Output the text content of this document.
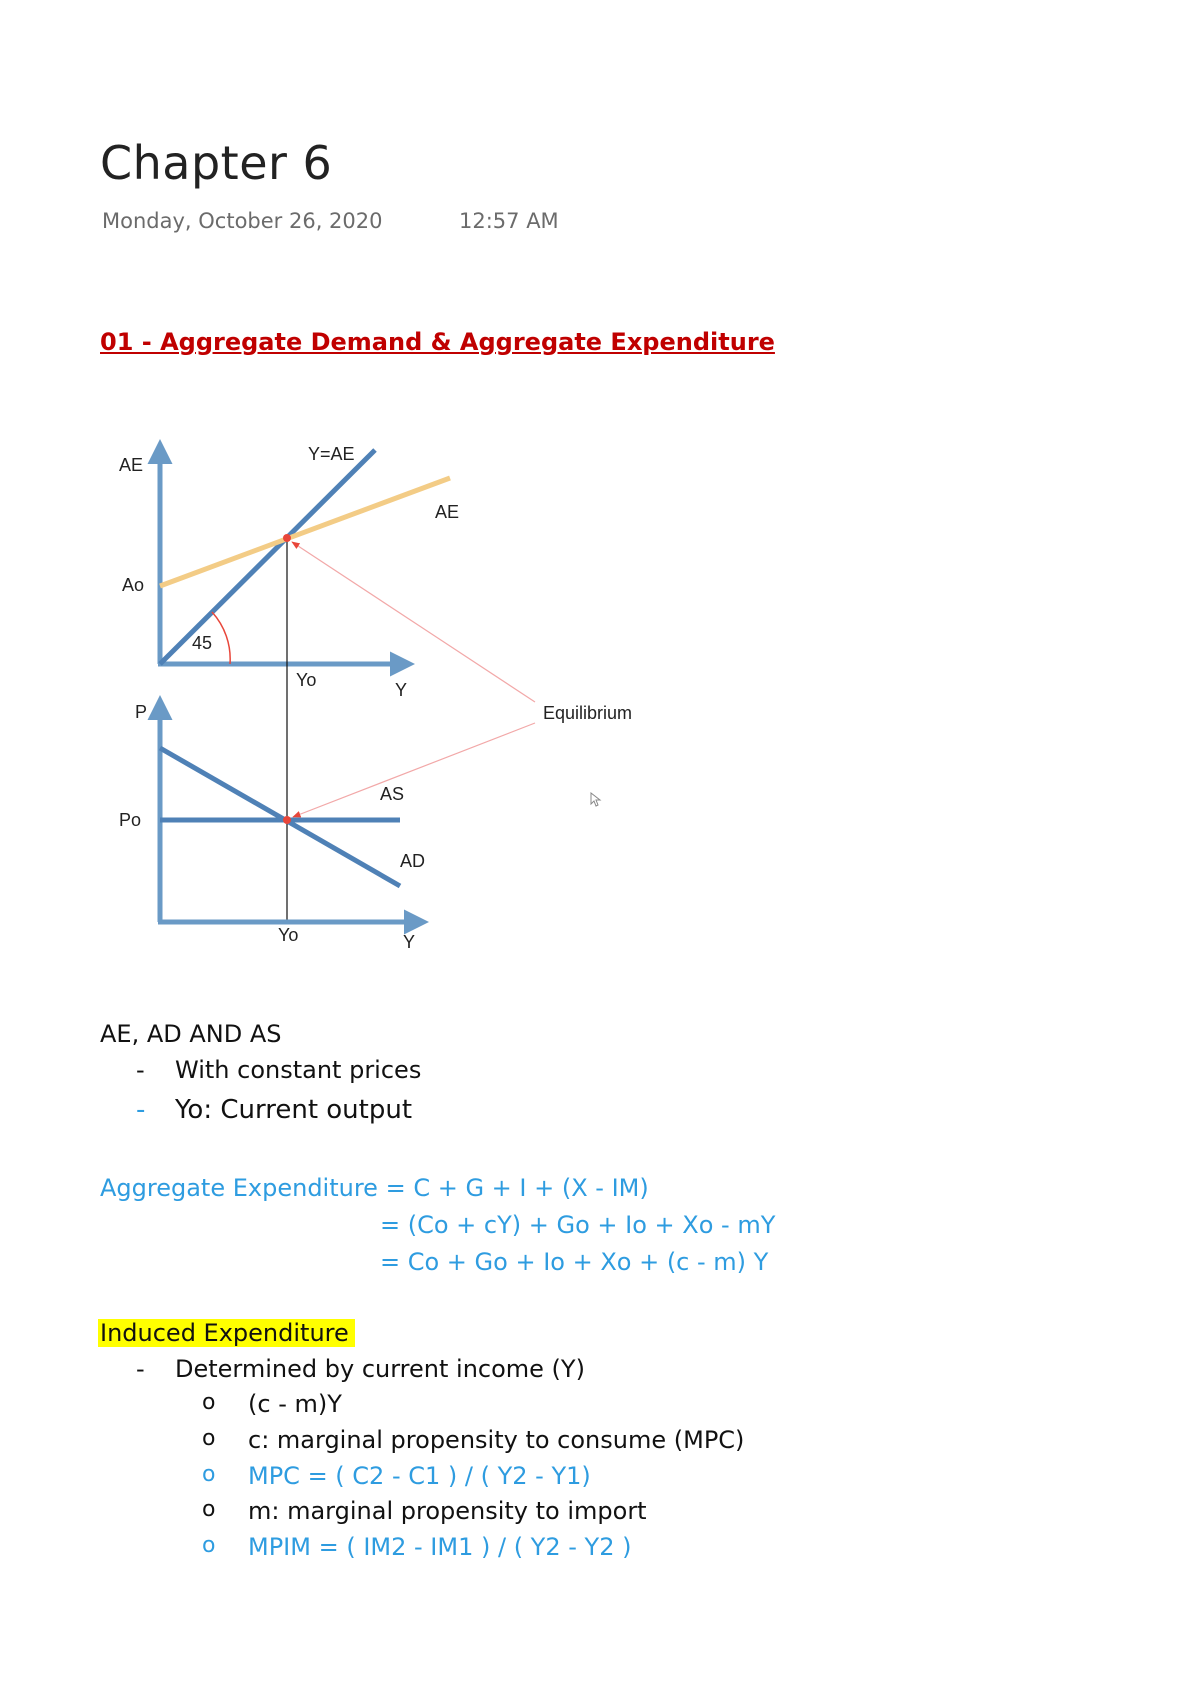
Chapter 6
Monday, October 26, 2020	12:57 AM
01 - Aggregate Demand & Aggregate Expenditure
AE
Y=AE
AE
Ao
45
Yo	Y
P
Po
AS
AD
Yo	Y
Equilibrium
AE, AD AND AS
- With constant prices
- Yo: Current output
Aggregate Expenditure = C + G + I + (X - IM)
= (Co + cY) + Go + Io + Xo - mY
= Co + Go + Io + Xo + (c - m) Y
Induced Expenditure
- Determined by current income (Y)
o (c - m)Y
o c: marginal propensity to consume (MPC)
o MPC = ( C2 - C1 ) / ( Y2 - Y1)
o m: marginal propensity to import
o MPIM = ( IM2 - IM1 ) / ( Y2 - Y2 )
